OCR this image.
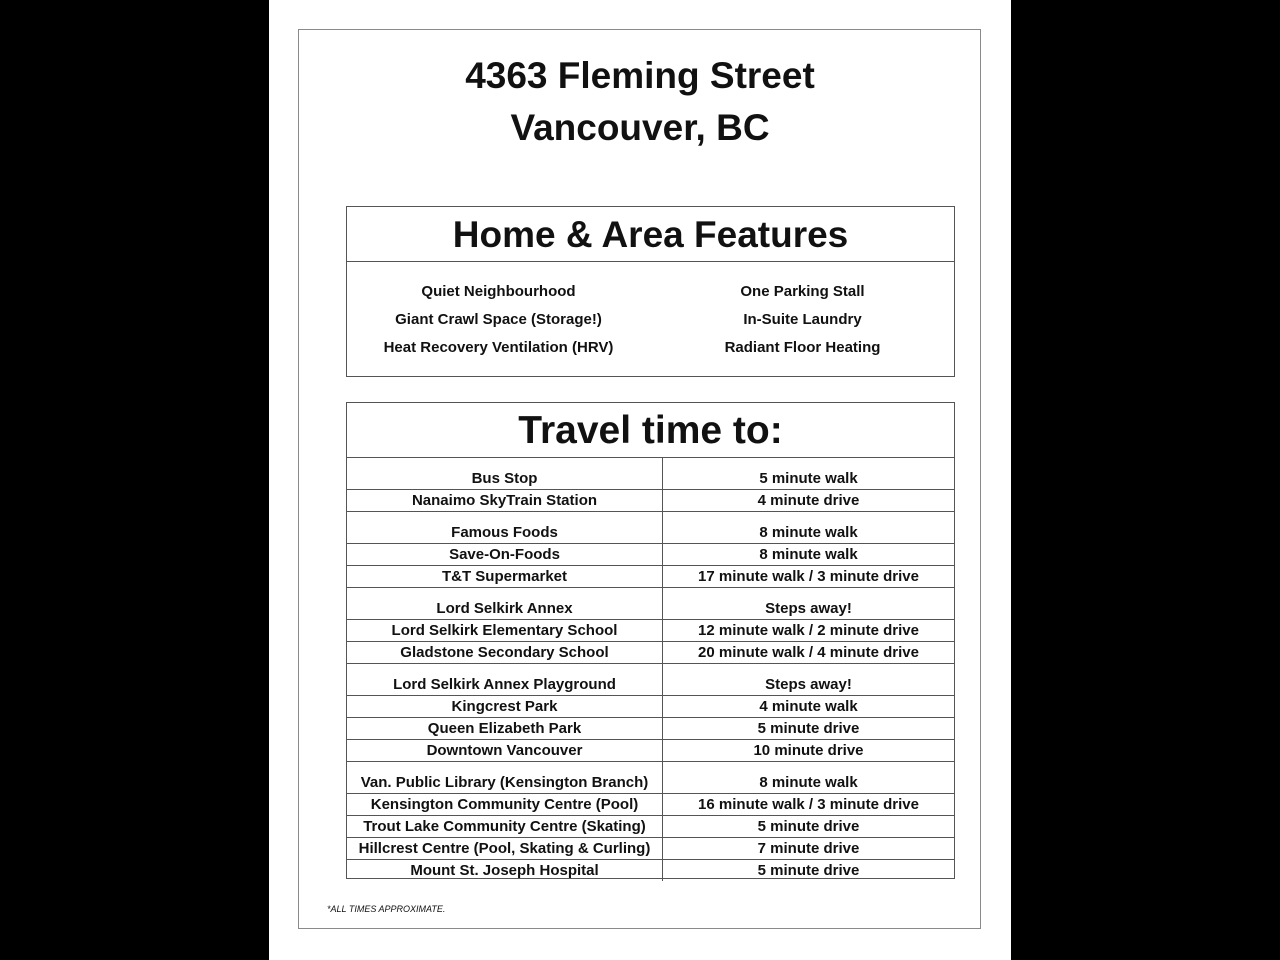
4363 Fleming Street
Vancouver, BC
Home & Area Features
Quiet Neighbourhood	One Parking Stall
Giant Crawl Space (Storage!)	In-Suite Laundry
Heat Recovery Ventilation (HRV)	Radiant Floor Heating
Travel time to:
Bus Stop	5 minute walk
Nanaimo SkyTrain Station	4 minute drive
Famous Foods	8 minute walk
Save-On-Foods	8 minute walk
T&T Supermarket	17 minute walk / 3 minute drive
Lord Selkirk Annex	Steps away!
Lord Selkirk Elementary School	12 minute walk / 2 minute drive
Gladstone Secondary School	20 minute walk / 4 minute drive
Lord Selkirk Annex Playground	Steps away!
Kingcrest Park	4 minute walk
Queen Elizabeth Park	5 minute drive
Downtown Vancouver	10 minute drive
Van. Public Library (Kensington Branch)	8 minute walk
Kensington Community Centre (Pool)	16 minute walk / 3 minute drive
Trout Lake Community Centre (Skating)	5 minute drive
Hillcrest Centre (Pool, Skating & Curling)	7 minute drive
Mount St. Joseph Hospital	5 minute drive
*ALL TIMES APPROXIMATE.
